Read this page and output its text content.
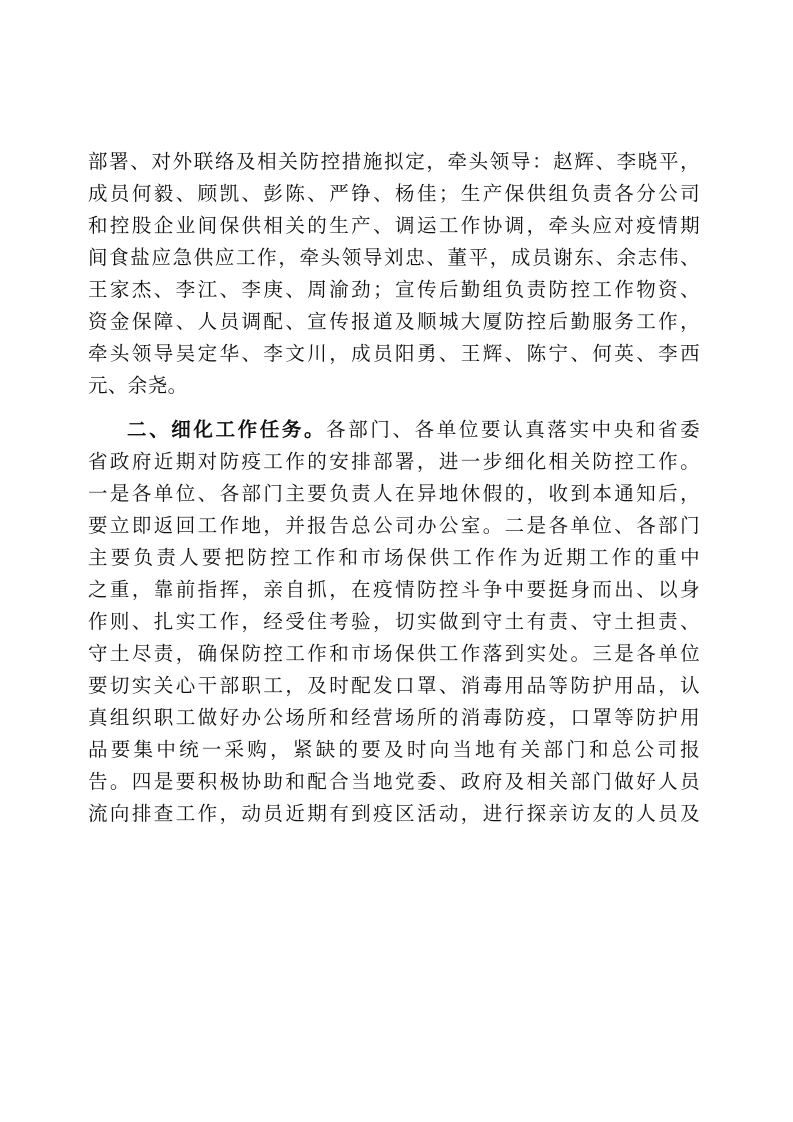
部署、对外联络及相关防控措施拟定，牵头领导：赵辉、李晓平，
成员何毅、顾凯、彭陈、严铮、杨佳；生产保供组负责各分公司
和控股企业间保供相关的生产、调运工作协调，牵头应对疫情期
间食盐应急供应工作，牵头领导刘忠、董平，成员谢东、余志伟、
王家杰、李江、李庚、周渝劲；宣传后勤组负责防控工作物资、
资金保障、人员调配、宣传报道及顺城大厦防控后勤服务工作，
牵头领导吴定华、李文川，成员阳勇、王辉、陈宁、何英、李西
元、余尧。
二、细化工作任务。各部门、各单位要认真落实中央和省委
省政府近期对防疫工作的安排部署，进一步细化相关防控工作。
一是各单位、各部门主要负责人在异地休假的，收到本通知后，
要立即返回工作地，并报告总公司办公室。二是各单位、各部门
主要负责人要把防控工作和市场保供工作作为近期工作的重中
之重，靠前指挥，亲自抓，在疫情防控斗争中要挺身而出、以身
作则、扎实工作，经受住考验，切实做到守土有责、守土担责、
守土尽责，确保防控工作和市场保供工作落到实处。三是各单位
要切实关心干部职工，及时配发口罩、消毒用品等防护用品，认
真组织职工做好办公场所和经营场所的消毒防疫，口罩等防护用
品要集中统一采购，紧缺的要及时向当地有关部门和总公司报
告。四是要积极协助和配合当地党委、政府及相关部门做好人员
流向排查工作，动员近期有到疫区活动，进行探亲访友的人员及
